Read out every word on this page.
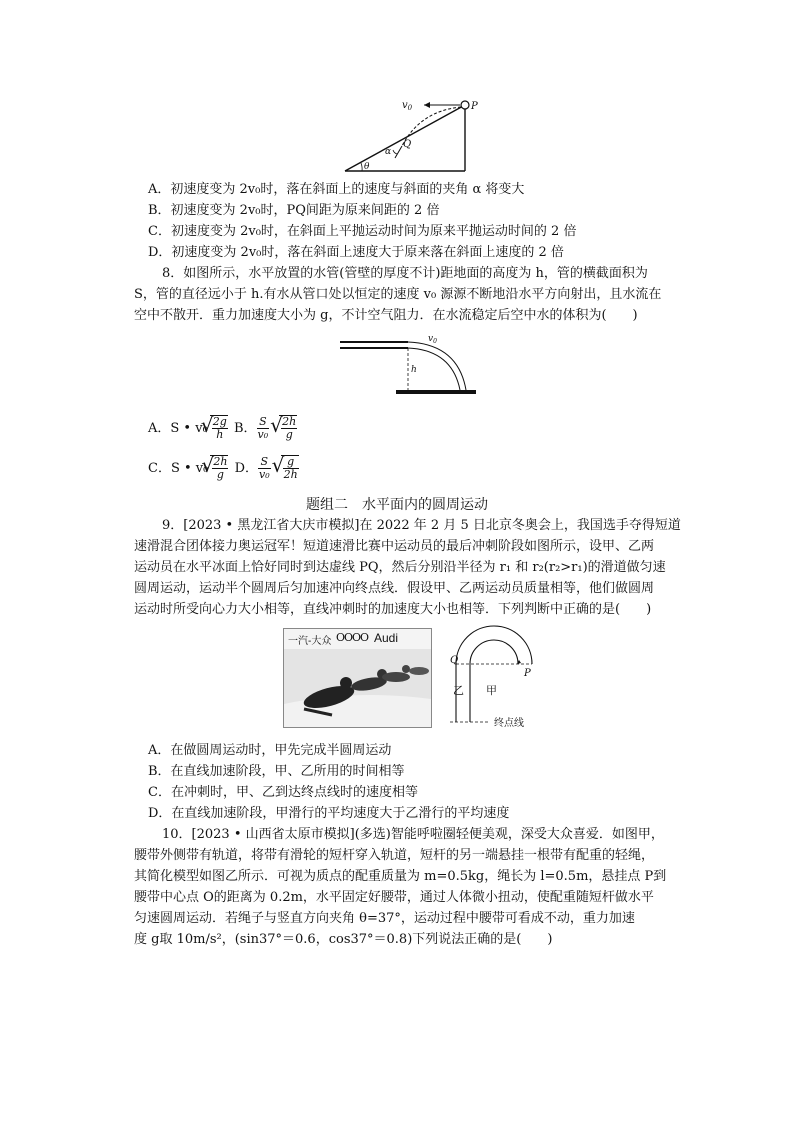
$v_0$	P
Q
α
θ
A．初速度变为 2v₀时，落在斜面上的速度与斜面的夹角 α 将变大
B．初速度变为 2v₀时，PQ间距为原来间距的 2 倍
C．初速度变为 2v₀时，在斜面上平抛运动时间为原来平抛运动时间的 2 倍
D．初速度变为 2v₀时，落在斜面上速度大于原来落在斜面上速度的 2 倍
8．如图所示，水平放置的水管(管壁的厚度不计)距地面的高度为 h，管的横截面积为
S，管的直径远小于 h.有水从管口处以恒定的速度 v₀ 源源不断地沿水平方向射出，且水流在
空中不散开．重力加速度大小为 g，不计空气阻力．在水流稳定后空中水的体积为(　　)
$v_0$
h
A．S • v₀ √ $\frac{2g}{h}$ B． $\frac{S}{\text{v₀}}$ √ $\frac{2h}{g}$
C．S • v₀ √ $\frac{2h}{g}$ D． $\frac{S}{\text{v₀}}$ √ $\frac{g}{2h}$
题组二　水平面内的圆周运动
9．[2023 • 黑龙江省大庆市模拟]在 2022 年 2 月 5 日北京冬奥会上，我国选手夺得短道
速滑混合团体接力奥运冠军！短道速滑比赛中运动员的最后冲刺阶段如图所示，设甲、乙两
运动员在水平冰面上恰好同时到达虚线 PQ，然后分别沿半径为 r₁ 和 r₂(r₂>r₁)的滑道做匀速
圆周运动，运动半个圆周后匀加速冲向终点线．假设甲、乙两运动员质量相等，他们做圆周
运动时所受向心力大小相等，直线冲刺时的加速度大小也相等．下列判断中正确的是(　　)
一汽-大众 OOOO Audi
Q
P
乙 甲
终点线
A．在做圆周运动时，甲先完成半圆周运动
B．在直线加速阶段，甲、乙所用的时间相等
C．在冲刺时，甲、乙到达终点线时的速度相等
D．在直线加速阶段，甲滑行的平均速度大于乙滑行的平均速度
10．[2023 • 山西省太原市模拟](多选)智能呼啦圈轻便美观，深受大众喜爱．如图甲，
腰带外侧带有轨道，将带有滑轮的短杆穿入轨道，短杆的另一端悬挂一根带有配重的轻绳，
其简化模型如图乙所示．可视为质点的配重质量为 m=0.5kg，绳长为 l=0.5m，悬挂点 P到
腰带中心点 O的距离为 0.2m，水平固定好腰带，通过人体微小扭动，使配重随短杆做水平
匀速圆周运动．若绳子与竖直方向夹角 θ=37°，运动过程中腰带可看成不动，重力加速
度 g取 10m/s²，(sin37°＝0.6，cos37°＝0.8)下列说法正确的是(　　)
